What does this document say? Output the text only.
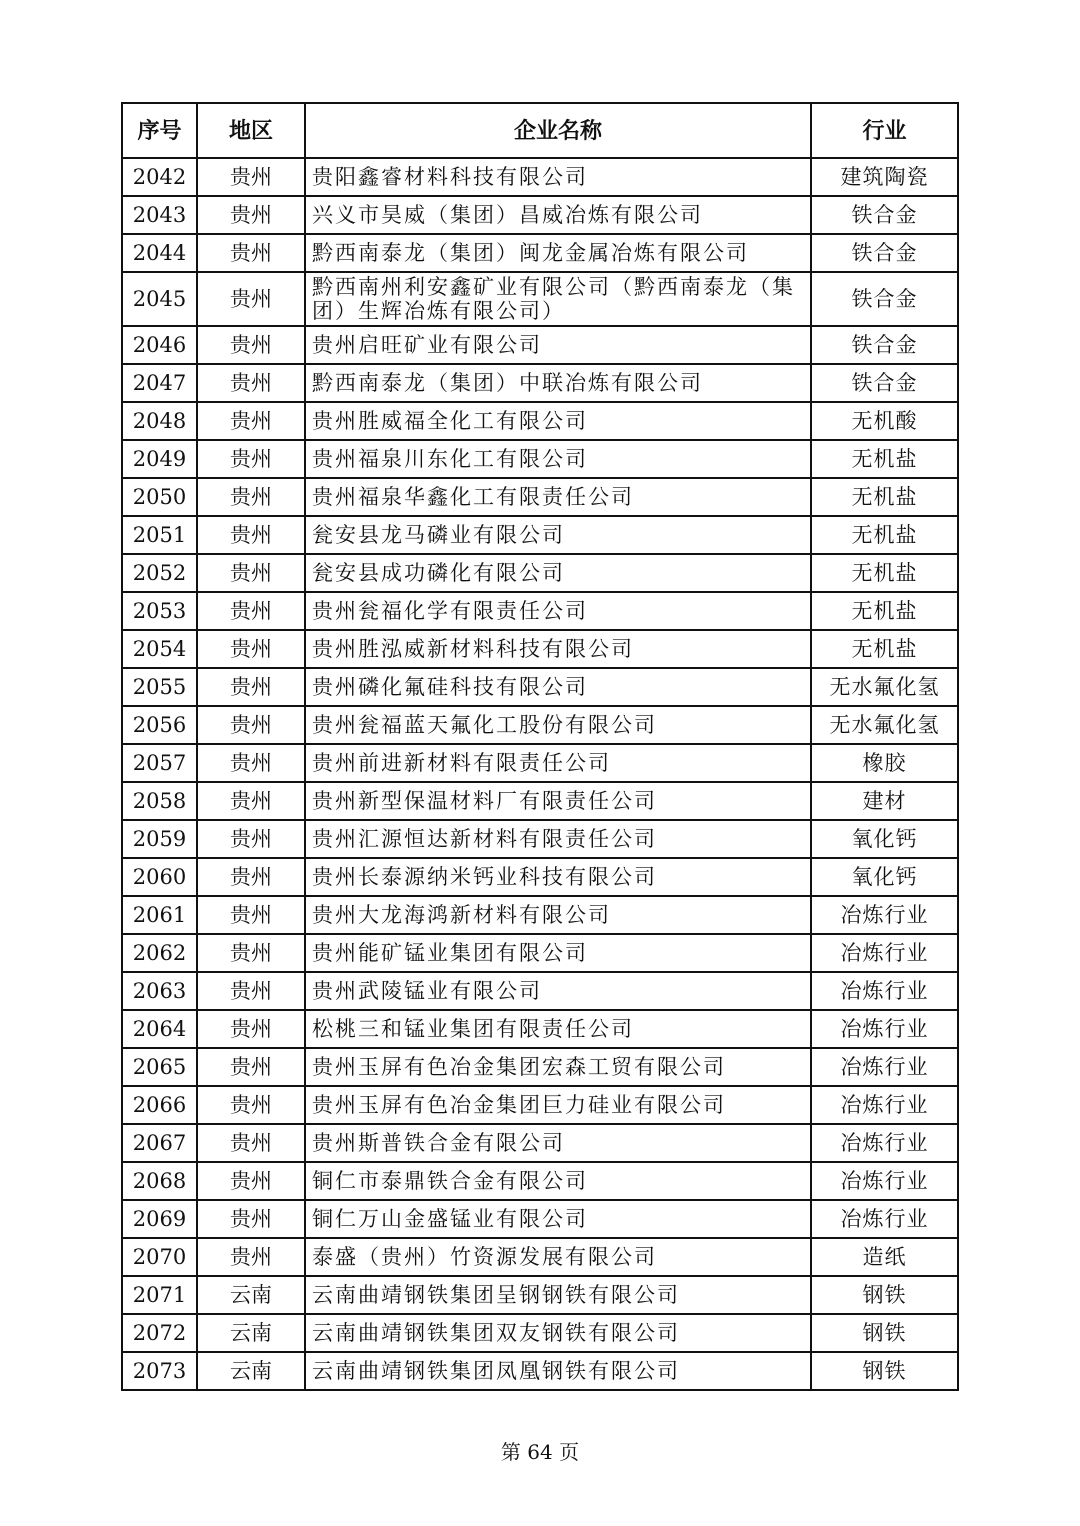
序号	地区	企业名称	行业
2042	贵州	贵阳鑫睿材料科技有限公司	建筑陶瓷
2043	贵州	兴义市昊威（集团）昌威冶炼有限公司	铁合金
2044	贵州	黔西南泰龙（集团）闽龙金属冶炼有限公司	铁合金
2045	贵州	黔西南州利安鑫矿业有限公司（黔西南泰龙（集团）生辉冶炼有限公司）	铁合金
2046	贵州	贵州启旺矿业有限公司	铁合金
2047	贵州	黔西南泰龙（集团）中联冶炼有限公司	铁合金
2048	贵州	贵州胜威福全化工有限公司	无机酸
2049	贵州	贵州福泉川东化工有限公司	无机盐
2050	贵州	贵州福泉华鑫化工有限责任公司	无机盐
2051	贵州	瓮安县龙马磷业有限公司	无机盐
2052	贵州	瓮安县成功磷化有限公司	无机盐
2053	贵州	贵州瓮福化学有限责任公司	无机盐
2054	贵州	贵州胜泓威新材料科技有限公司	无机盐
2055	贵州	贵州磷化氟硅科技有限公司	无水氟化氢
2056	贵州	贵州瓮福蓝天氟化工股份有限公司	无水氟化氢
2057	贵州	贵州前进新材料有限责任公司	橡胶
2058	贵州	贵州新型保温材料厂有限责任公司	建材
2059	贵州	贵州汇源恒达新材料有限责任公司	氧化钙
2060	贵州	贵州长泰源纳米钙业科技有限公司	氧化钙
2061	贵州	贵州大龙海鸿新材料有限公司	冶炼行业
2062	贵州	贵州能矿锰业集团有限公司	冶炼行业
2063	贵州	贵州武陵锰业有限公司	冶炼行业
2064	贵州	松桃三和锰业集团有限责任公司	冶炼行业
2065	贵州	贵州玉屏有色冶金集团宏森工贸有限公司	冶炼行业
2066	贵州	贵州玉屏有色冶金集团巨力硅业有限公司	冶炼行业
2067	贵州	贵州斯普铁合金有限公司	冶炼行业
2068	贵州	铜仁市泰鼎铁合金有限公司	冶炼行业
2069	贵州	铜仁万山金盛锰业有限公司	冶炼行业
2070	贵州	泰盛（贵州）竹资源发展有限公司	造纸
2071	云南	云南曲靖钢铁集团呈钢钢铁有限公司	钢铁
2072	云南	云南曲靖钢铁集团双友钢铁有限公司	钢铁
2073	云南	云南曲靖钢铁集团凤凰钢铁有限公司	钢铁
第 64 页
